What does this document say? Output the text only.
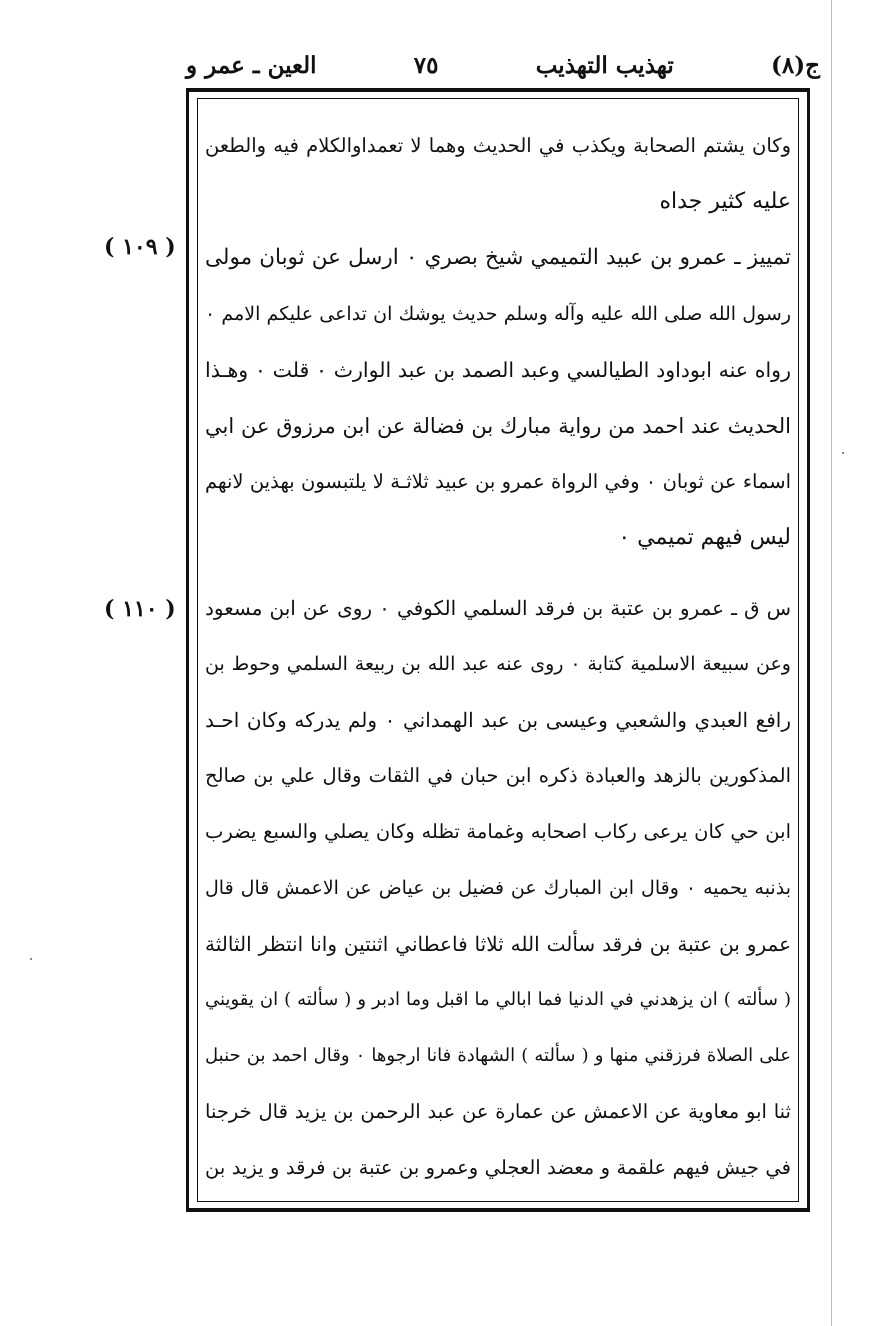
ج(٨)
تهذيب التهذيب
٧٥
العين ـ عمر و
( ١٠٩ )
( ١١٠ )
وكان يشتم الصحابة ويكذب في الحديث وهما لا تعمداوالكلام فيه والطعن
عليه كثير جداه
تمييز ـ عمرو بن عبيد التميمي شيخ بصري ٠ ارسل عن ثوبان مولى
رسول الله صلى الله عليه وآله وسلم حديث يوشك ان تداعى عليكم الامم ٠
رواه عنه ابوداود الطيالسي وعبد الصمد بن عبد الوارث ٠ قلت ٠ وهـذا
الحديث عند احمد من رواية مبارك بن فضالة عن ابن مرزوق عن ابي
اسماء عن ثوبان ٠ وفي الرواة عمرو بن عبيد ثلاثـة لا يلتبسون بهذين لانهم
ليس فيهم تميمي ٠
س ق ـ عمرو بن عتبة بن فرقد السلمي الكوفي ٠ روى عن ابن مسعود
وعن سبيعة الاسلمية كتابة ٠ روى عنه عبد الله بن ربيعة السلمي وحوط بن
رافع العبدي والشعبي وعيسى بن عبد الهمداني ٠ ولم يدركه وكان احـد
المذكورين بالزهد والعبادة ذكره ابن حبان في الثقات وقال علي بن صالح
ابن حي كان يرعى ركاب اصحابه وغمامة تظله وكان يصلي والسبع يضرب
بذنبه يحميه ٠ وقال ابن المبارك عن فضيل بن عياض عن الاعمش قال قال
عمرو بن عتبة بن فرقد سألت الله ثلاثا فاعطاني اثنتين وانا انتظر الثالثة
( سألته ) ان يزهدني في الدنيا فما ابالي ما اقبل وما ادبر و ( سألته ) ان يقويني
على الصلاة فرزقني منها و ( سألته ) الشهادة فانا ارجوها ٠ وقال احمد بن حنبل
ثنا ابو معاوية عن الاعمش عن عمارة عن عبد الرحمن بن يزيد قال خرجنا
في جيش فيهم علقمة و معضد العجلي وعمرو بن عتبة بن فرقد و يزيد بن
